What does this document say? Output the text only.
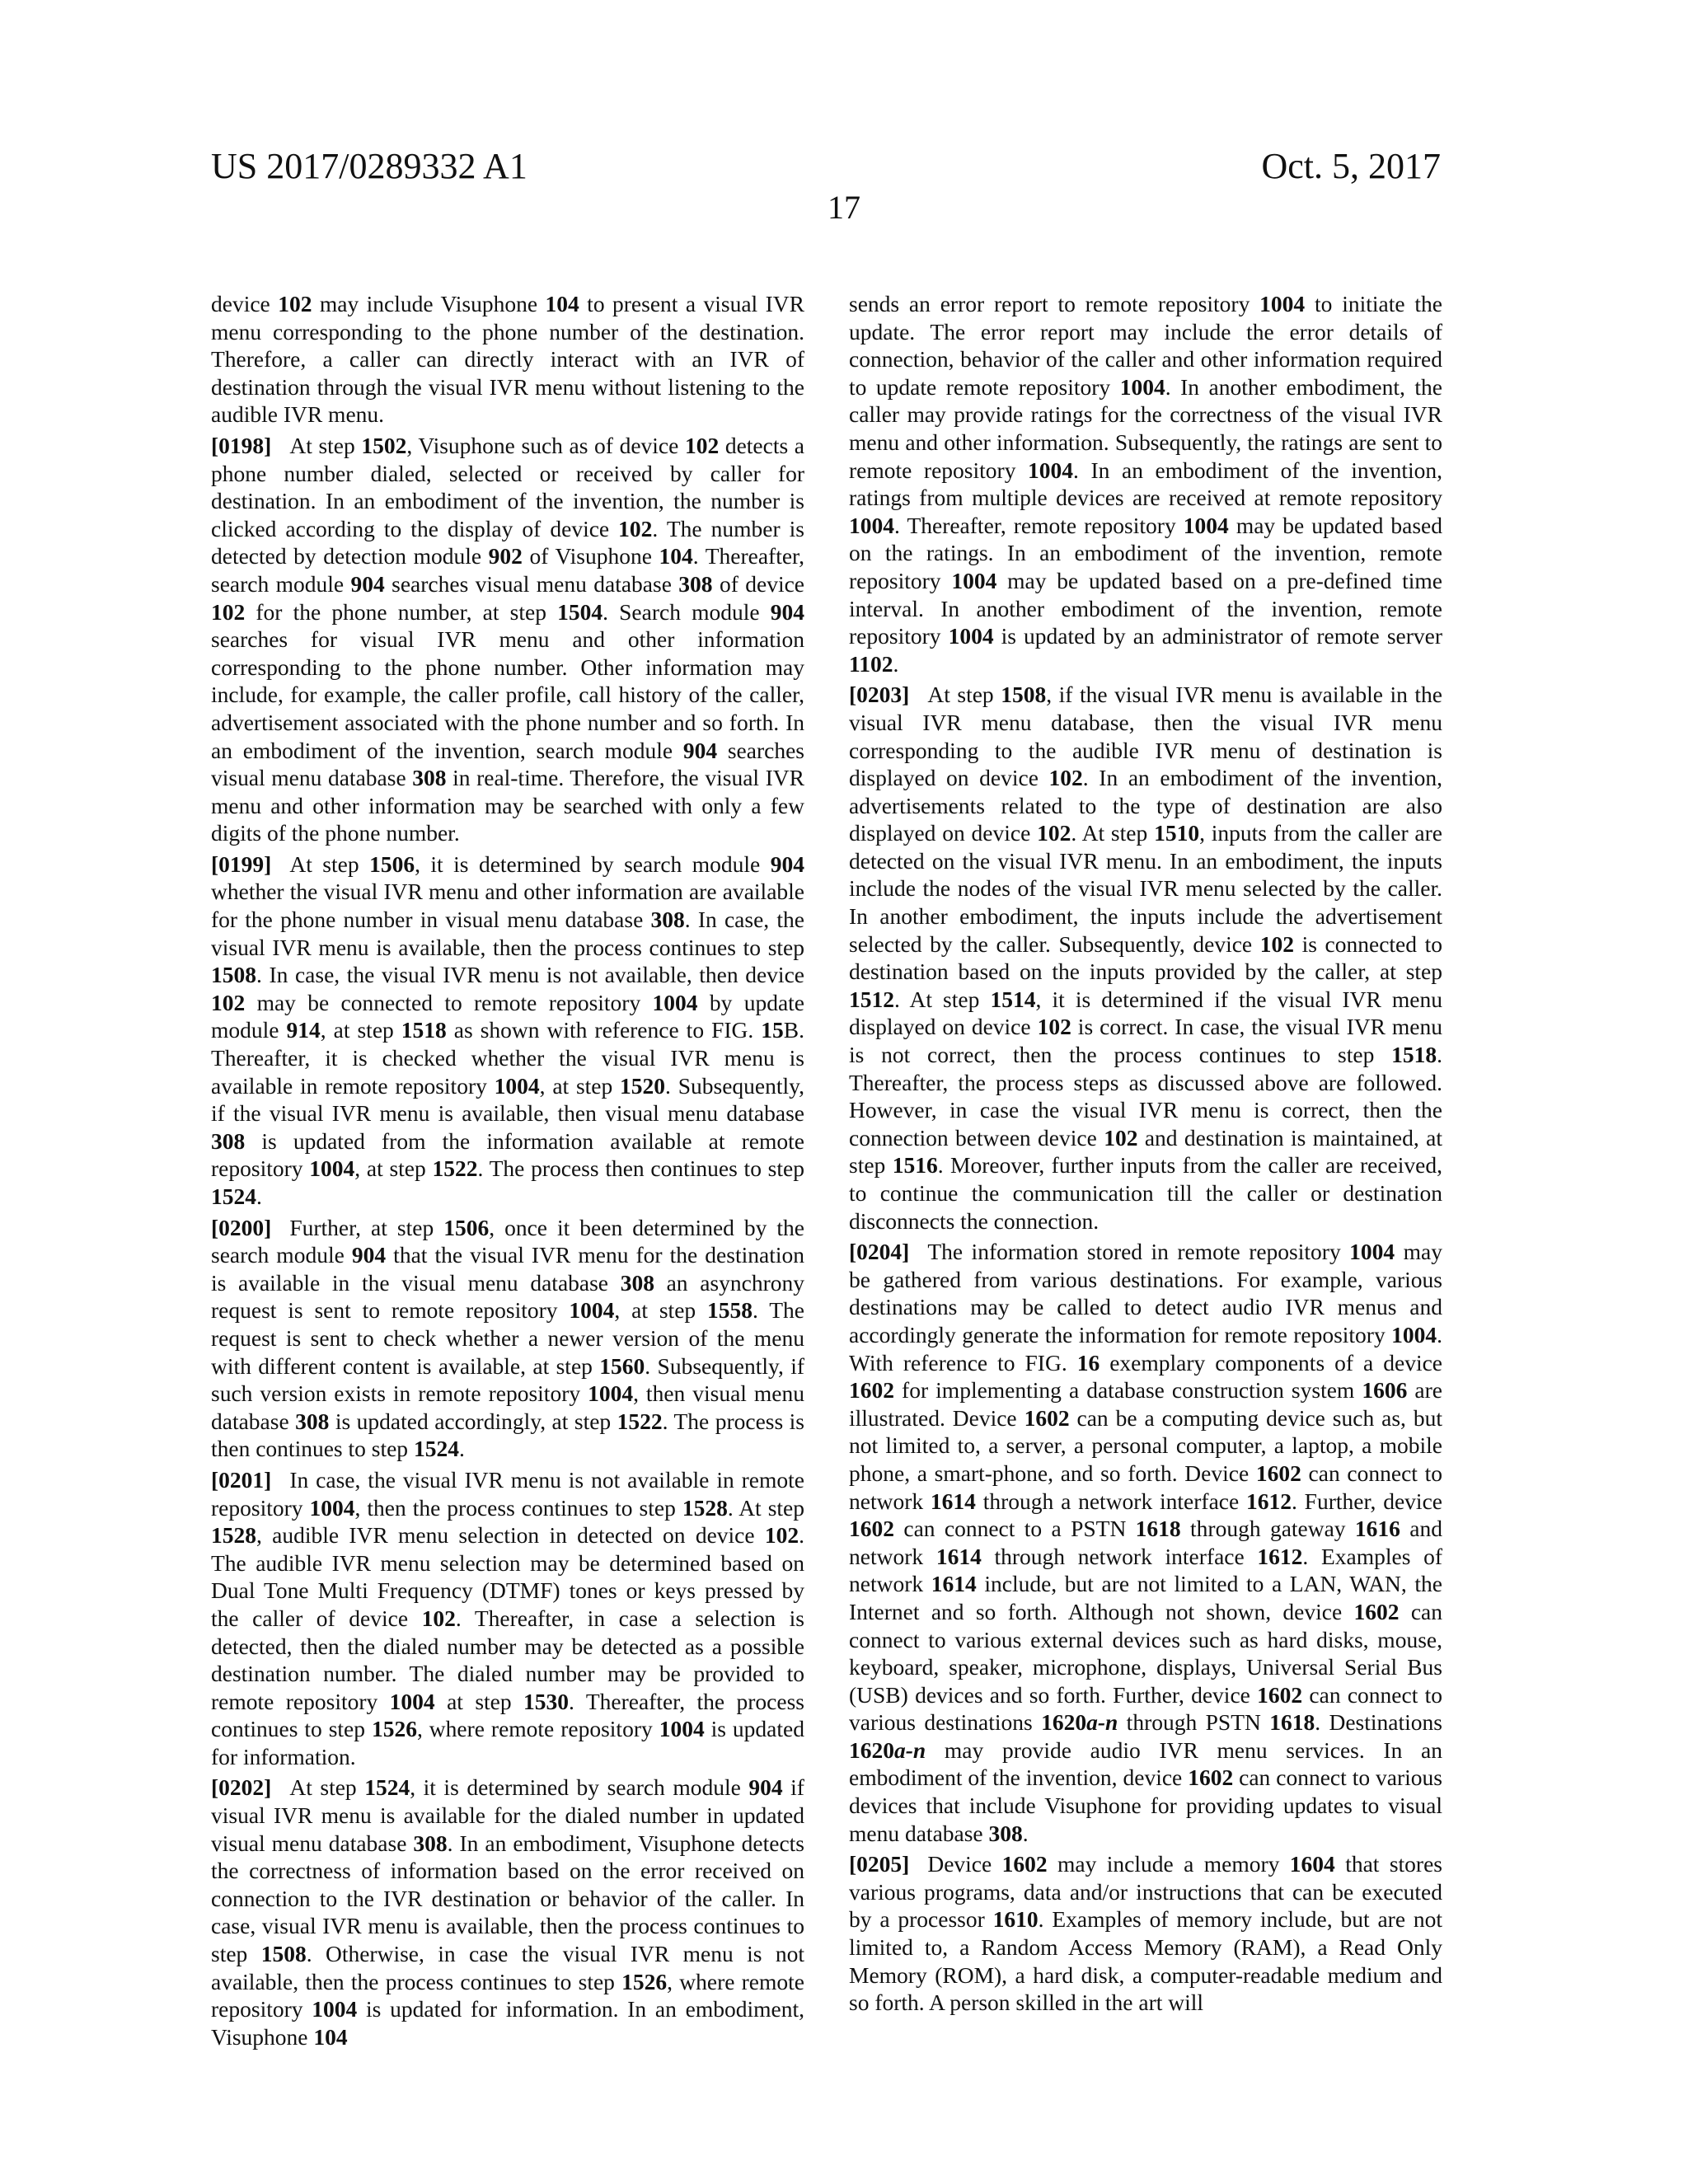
US 2017/0289332 A1	Oct. 5, 2017
17

device 102 may include Visuphone 104 to present a visual IVR menu corresponding to the phone number of the destination. Therefore, a caller can directly interact with an IVR of destination through the visual IVR menu without listening to the audible IVR menu.

[0198] At step 1502, Visuphone such as of device 102 detects a phone number dialed, selected or received by caller for destination. In an embodiment of the invention, the number is clicked according to the display of device 102. The number is detected by detection module 902 of Visuphone 104. Thereafter, search module 904 searches visual menu database 308 of device 102 for the phone number, at step 1504. Search module 904 searches for visual IVR menu and other information corresponding to the phone number. Other information may include, for example, the caller profile, call history of the caller, advertisement associated with the phone number and so forth. In an embodiment of the invention, search module 904 searches visual menu database 308 in real-time. Therefore, the visual IVR menu and other information may be searched with only a few digits of the phone number.

[0199] At step 1506, it is determined by search module 904 whether the visual IVR menu and other information are available for the phone number in visual menu database 308. In case, the visual IVR menu is available, then the process continues to step 1508. In case, the visual IVR menu is not available, then device 102 may be connected to remote repository 1004 by update module 914, at step 1518 as shown with reference to FIG. 15B. Thereafter, it is checked whether the visual IVR menu is available in remote repository 1004, at step 1520. Subsequently, if the visual IVR menu is available, then visual menu database 308 is updated from the information available at remote repository 1004, at step 1522. The process then continues to step 1524.

[0200] Further, at step 1506, once it been determined by the search module 904 that the visual IVR menu for the destination is available in the visual menu database 308 an asynchrony request is sent to remote repository 1004, at step 1558. The request is sent to check whether a newer version of the menu with different content is available, at step 1560. Subsequently, if such version exists in remote repository 1004, then visual menu database 308 is updated accordingly, at step 1522. The process is then continues to step 1524.

[0201] In case, the visual IVR menu is not available in remote repository 1004, then the process continues to step 1528. At step 1528, audible IVR menu selection in detected on device 102. The audible IVR menu selection may be determined based on Dual Tone Multi Frequency (DTMF) tones or keys pressed by the caller of device 102. Thereafter, in case a selection is detected, then the dialed number may be detected as a possible destination number. The dialed number may be provided to remote repository 1004 at step 1530. Thereafter, the process continues to step 1526, where remote repository 1004 is updated for information.

[0202] At step 1524, it is determined by search module 904 if visual IVR menu is available for the dialed number in updated visual menu database 308. In an embodiment, Visuphone detects the correctness of information based on the error received on connection to the IVR destination or behavior of the caller. In case, visual IVR menu is available, then the process continues to step 1508. Otherwise, in case the visual IVR menu is not available, then the process continues to step 1526, where remote repository 1004 is updated for information. In an embodiment, Visuphone 104

sends an error report to remote repository 1004 to initiate the update. The error report may include the error details of connection, behavior of the caller and other information required to update remote repository 1004. In another embodiment, the caller may provide ratings for the correctness of the visual IVR menu and other information. Subsequently, the ratings are sent to remote repository 1004. In an embodiment of the invention, ratings from multiple devices are received at remote repository 1004. Thereafter, remote repository 1004 may be updated based on the ratings. In an embodiment of the invention, remote repository 1004 may be updated based on a pre-defined time interval. In another embodiment of the invention, remote repository 1004 is updated by an administrator of remote server 1102.

[0203] At step 1508, if the visual IVR menu is available in the visual IVR menu database, then the visual IVR menu corresponding to the audible IVR menu of destination is displayed on device 102. In an embodiment of the invention, advertisements related to the type of destination are also displayed on device 102. At step 1510, inputs from the caller are detected on the visual IVR menu. In an embodiment, the inputs include the nodes of the visual IVR menu selected by the caller. In another embodiment, the inputs include the advertisement selected by the caller. Subsequently, device 102 is connected to destination based on the inputs provided by the caller, at step 1512. At step 1514, it is determined if the visual IVR menu displayed on device 102 is correct. In case, the visual IVR menu is not correct, then the process continues to step 1518. Thereafter, the process steps as discussed above are followed. However, in case the visual IVR menu is correct, then the connection between device 102 and destination is maintained, at step 1516. Moreover, further inputs from the caller are received, to continue the communication till the caller or destination disconnects the connection.

[0204] The information stored in remote repository 1004 may be gathered from various destinations. For example, various destinations may be called to detect audio IVR menus and accordingly generate the information for remote repository 1004. With reference to FIG. 16 exemplary components of a device 1602 for implementing a database construction system 1606 are illustrated. Device 1602 can be a computing device such as, but not limited to, a server, a personal computer, a laptop, a mobile phone, a smart-phone, and so forth. Device 1602 can connect to network 1614 through a network interface 1612. Further, device 1602 can connect to a PSTN 1618 through gateway 1616 and network 1614 through network interface 1612. Examples of network 1614 include, but are not limited to a LAN, WAN, the Internet and so forth. Although not shown, device 1602 can connect to various external devices such as hard disks, mouse, keyboard, speaker, microphone, displays, Universal Serial Bus (USB) devices and so forth. Further, device 1602 can connect to various destinations 1620a-n through PSTN 1618. Destinations 1620a-n may provide audio IVR menu services. In an embodiment of the invention, device 1602 can connect to various devices that include Visuphone for providing updates to visual menu database 308.

[0205] Device 1602 may include a memory 1604 that stores various programs, data and/or instructions that can be executed by a processor 1610. Examples of memory include, but are not limited to, a Random Access Memory (RAM), a Read Only Memory (ROM), a hard disk, a computer-readable medium and so forth. A person skilled in the art will
